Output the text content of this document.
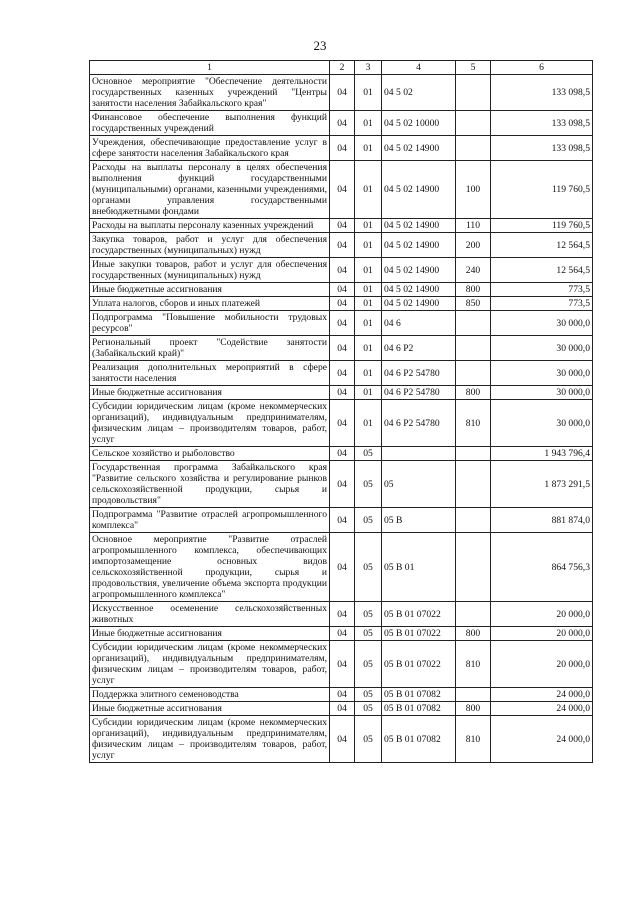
23
1	2	3	4	5	6
Основное мероприятие "Обеспечение деятельности государственных казенных учреждений "Центры занятости населения Забайкальского края"	04	01	04 5 02		133 098,5
Финансовое обеспечение выполнения функций государственных учреждений	04	01	04 5 02 10000		133 098,5
Учреждения, обеспечивающие предоставление услуг в сфере занятости населения Забайкальского края	04	01	04 5 02 14900		133 098,5
Расходы на выплаты персоналу в целях обеспечения выполнения функций государственными (муниципальными) органами, казенными учреждениями, органами управления государственными внебюджетными фондами	04	01	04 5 02 14900	100	119 760,5
Расходы на выплаты персоналу казенных учреждений	04	01	04 5 02 14900	110	119 760,5
Закупка товаров, работ и услуг для обеспечения государственных (муниципальных) нужд	04	01	04 5 02 14900	200	12 564,5
Иные закупки товаров, работ и услуг для обеспечения государственных (муниципальных) нужд	04	01	04 5 02 14900	240	12 564,5
Иные бюджетные ассигнования	04	01	04 5 02 14900	800	773,5
Уплата налогов, сборов и иных платежей	04	01	04 5 02 14900	850	773,5
Подпрограмма "Повышение мобильности трудовых ресурсов"	04	01	04 6		30 000,0
Региональный проект "Содействие занятости (Забайкальский край)"	04	01	04 6 P2		30 000,0
Реализация дополнительных мероприятий в сфере занятости населения	04	01	04 6 P2 54780		30 000,0
Иные бюджетные ассигнования	04	01	04 6 P2 54780	800	30 000,0
Субсидии юридическим лицам (кроме некоммерческих организаций), индивидуальным предпринимателям, физическим лицам – производителям товаров, работ, услуг	04	01	04 6 P2 54780	810	30 000,0
Сельское хозяйство и рыболовство	04	05			1 943 796,4
Государственная программа Забайкальского края "Развитие сельского хозяйства и регулирование рынков сельскохозяйственной продукции, сырья и продовольствия"	04	05	05		1 873 291,5
Подпрограмма "Развитие отраслей агропромышленного комплекса"	04	05	05 В		881 874,0
Основное мероприятие "Развитие отраслей агропромышленного комплекса, обеспечивающих импортозамещение основных видов сельскохозяйственной продукции, сырья и продовольствия, увеличение объема экспорта продукции агропромышленного комплекса"	04	05	05 В 01		864 756,3
Искусственное осеменение сельскохозяйственных животных	04	05	05 В 01 07022		20 000,0
Иные бюджетные ассигнования	04	05	05 В 01 07022	800	20 000,0
Субсидии юридическим лицам (кроме некоммерческих организаций), индивидуальным предпринимателям, физическим лицам – производителям товаров, работ, услуг	04	05	05 В 01 07022	810	20 000,0
Поддержка элитного семеноводства	04	05	05 В 01 07082		24 000,0
Иные бюджетные ассигнования	04	05	05 В 01 07082	800	24 000,0
Субсидии юридическим лицам (кроме некоммерческих организаций), индивидуальным предпринимателям, физическим лицам – производителям товаров, работ, услуг	04	05	05 В 01 07082	810	24 000,0
